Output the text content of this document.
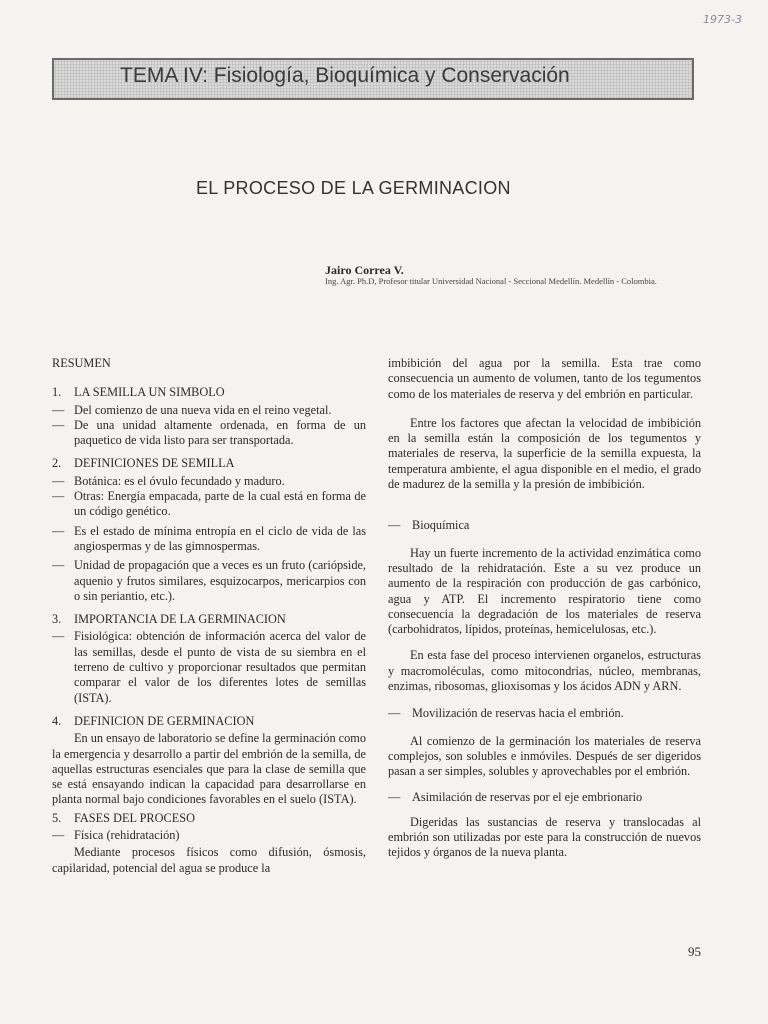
1973-3
TEMA IV: Fisiología, Bioquímica y Conservación
EL PROCESO DE LA GERMINACION
Jairo Correa V.
Ing. Agr. Ph.D, Profesor titular Universidad Nacional - Seccional Medellín. Medellín - Colombia.

RESUMEN

1.	LA SEMILLA UN SIMBOLO
— Del comienzo de una nueva vida en el reino vegetal.
— De una unidad altamente ordenada, en forma de un paquetico de vida listo para ser transportada.
2.	DEFINICIONES DE SEMILLA
— Botánica: es el óvulo fecundado y maduro.
— Otras: Energía empacada, parte de la cual está en forma de un código genético.
— Es el estado de mínima entropía en el ciclo de vida de las angiospermas y de las gimnospermas.
— Unidad de propagación que a veces es un fruto (cariópside, aquenio y frutos similares, esquizocarpos, mericarpios con o sin periantio, etc.).
3.	IMPORTANCIA DE LA GERMINACION
— Fisiológica: obtención de información acerca del valor de las semillas, desde el punto de vista de su siembra en el terreno de cultivo y proporcionar resultados que permitan comparar el valor de los diferentes lotes de semillas (ISTA).
4.	DEFINICION DE GERMINACION

En un ensayo de laboratorio se define la germinación como la emergencia y desarrollo a partir del embrión de la semilla, de aquellas estructuras esenciales que para la clase de semilla que se está ensayando indican la capacidad para desarrollarse en planta normal bajo condiciones favorables en el suelo (ISTA).

5.	FASES DEL PROCESO
— Física (rehidratación)

Mediante procesos físicos como difusión, ósmosis, capilaridad, potencial del agua se produce la

imbibición del agua por la semilla. Esta trae como consecuencia un aumento de volumen, tanto de los tegumentos como de los materiales de reserva y del embrión en particular.

Entre los factores que afectan la velocidad de imbibición en la semilla están la composición de los tegumentos y materiales de reserva, la superficie de la semilla expuesta, la temperatura ambiente, el agua disponible en el medio, el grado de madurez de la semilla y la presión de imbibición.

— Bioquímica

Hay un fuerte incremento de la actividad enzimática como resultado de la rehidratación. Este a su vez produce un aumento de la respiración con producción de gas carbónico, agua y ATP. El incremento respiratorio tiene como consecuencia la degradación de los materiales de reserva (carbohidratos, lípidos, proteínas, hemicelulosas, etc.).

En esta fase del proceso intervienen organelos, estructuras y macromoléculas, como mitocondrias, núcleo, membranas, enzimas, ribosomas, glioxisomas y los ácidos ADN y ARN.

— Movilización de reservas hacia el embrión.

Al comienzo de la germinación los materiales de reserva complejos, son solubles e inmóviles. Después de ser digeridos pasan a ser simples, solubles y aprovechables por el embrión.

— Asimilación de reservas por el eje embrionario

Digeridas las sustancias de reserva y translocadas al embrión son utilizadas por este para la construcción de nuevos tejidos y órganos de la nueva planta.

95
